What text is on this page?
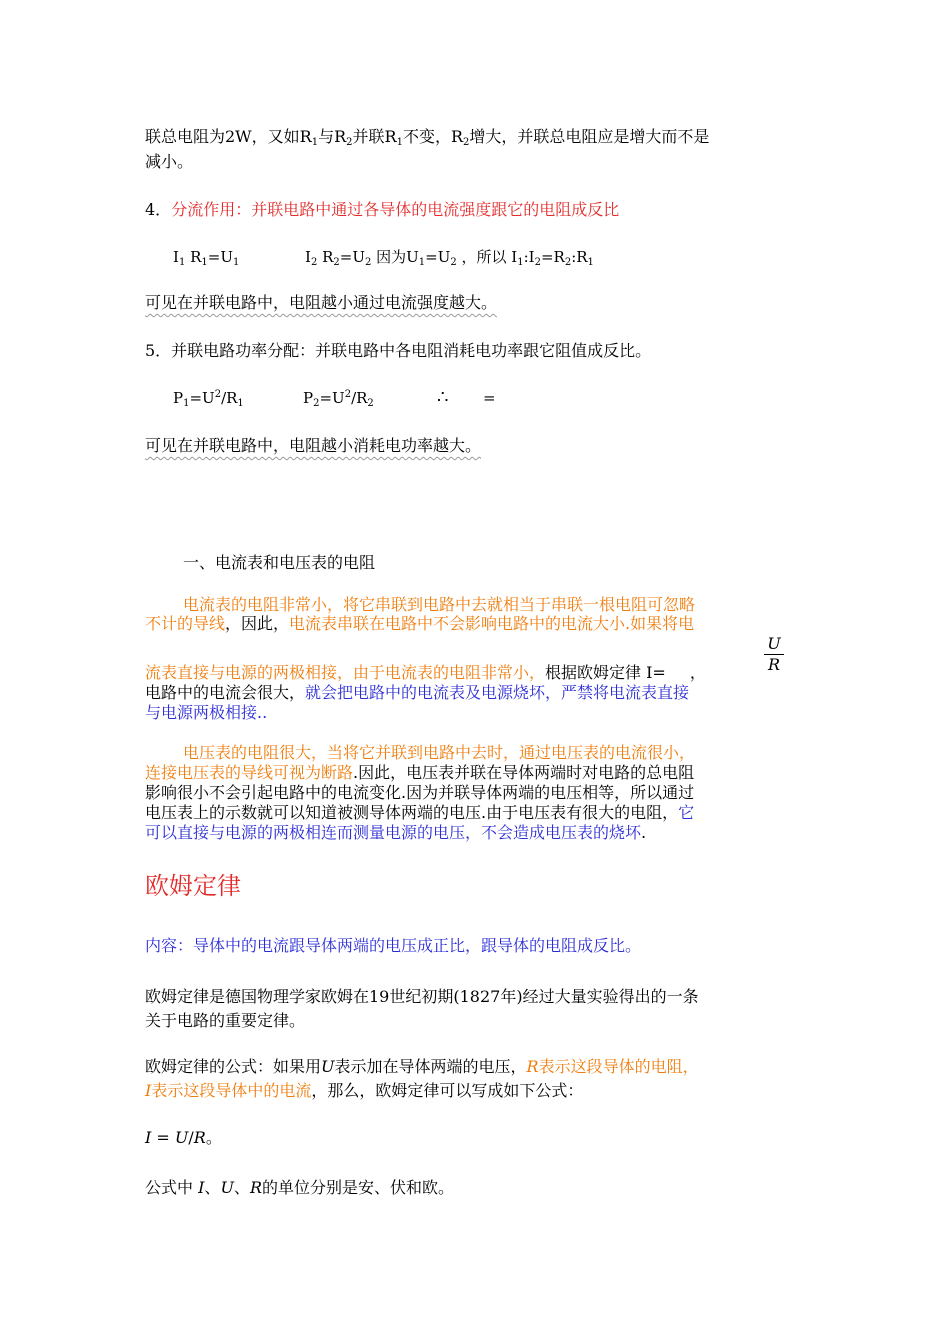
联总电阻为2W，又如$R_1$与$R_2$并联$R_1$不变，$R_2$增大，并联总电阻应是增大而不是
减小。
4．分流作用：并联电路中通过各导体的电流强度跟它的电阻成反比
$I_1$ $R_1=U_1$	$I_2$ $R_2=U_2$ 因为$U_1=U_2$ ，所以 $I_1:I_2=R_2:R_1$
可见在并联电路中，电阻越小通过电流强度越大。
5．并联电路功率分配：并联电路中各电阻消耗电功率跟它阻值成反比。
$P_1=U^2/R_1$	$P_2=U^2/R_2$	∴ =
可见在并联电路中，电阻越小消耗电功率越大。
一、电流表和电压表的电阻
电流表的电阻非常小，将它串联到电路中去就相当于串联一根电阻可忽略
不计的导线，因此，电流表串联在电路中不会影响电路中的电流大小.如果将电
$\frac{U}{R}$
流表直接与电源的两极相接，由于电流表的电阻非常小，根据欧姆定律 I= ，
电路中的电流会很大，就会把电路中的电流表及电源烧坏，严禁将电流表直接
与电源两极相接..
电压表的电阻很大，当将它并联到电路中去时，通过电压表的电流很小，
连接电压表的导线可视为断路.因此，电压表并联在导体两端时对电路的总电阻
影响很小不会引起电路中的电流变化.因为并联导体两端的电压相等，所以通过
电压表上的示数就可以知道被测导体两端的电压.由于电压表有很大的电阻，它
可以直接与电源的两极相连而测量电源的电压，不会造成电压表的烧坏.
欧姆定律
内容：导体中的电流跟导体两端的电压成正比，跟导体的电阻成反比。
欧姆定律是德国物理学家欧姆在19世纪初期(1827年)经过大量实验得出的一条
关于电路的重要定律。
欧姆定律的公式：如果用U表示加在导体两端的电压，R表示这段导体的电阻，
I表示这段导体中的电流，那么，欧姆定律可以写成如下公式：
I = U/R。
公式中 I、U、R的单位分别是安、伏和欧。
